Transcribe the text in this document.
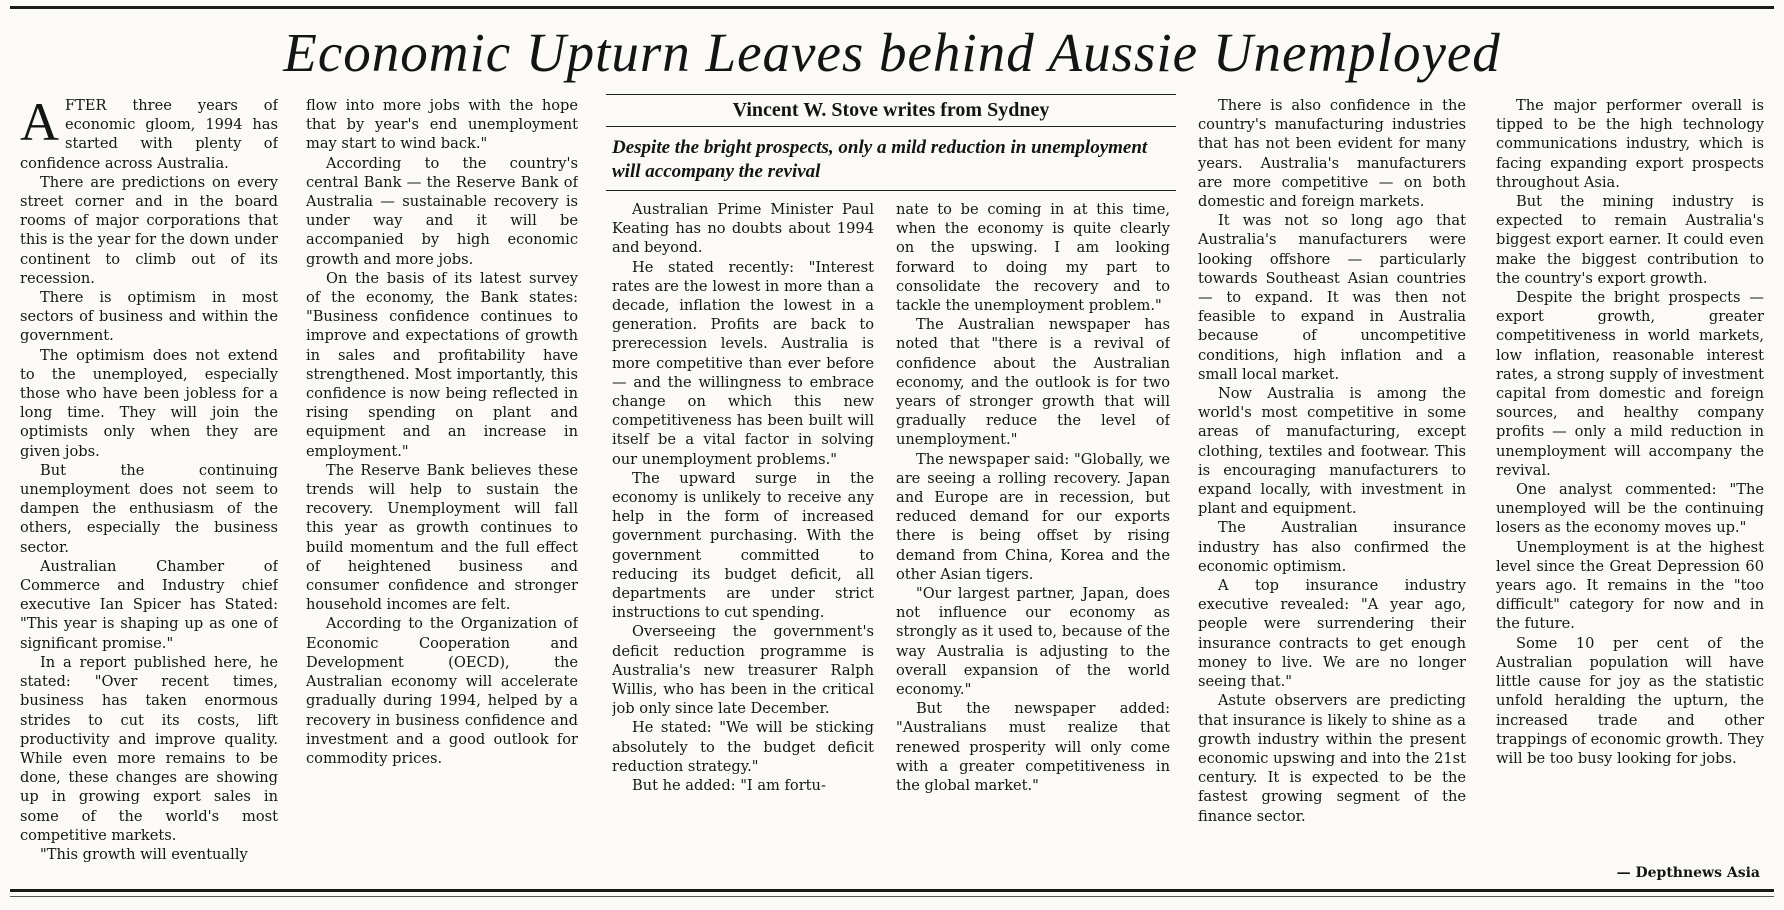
Economic Upturn Leaves behind Aussie Unemployed

AFTER three years of economic gloom, 1994 has started with plenty of confidence across Australia.

There are predictions on every street corner and in the board rooms of major corporations that this is the year for the down under continent to climb out of its recession.

There is optimism in most sectors of business and within the government.

The optimism does not extend to the unemployed, especially those who have been jobless for a long time. They will join the optimists only when they are given jobs.

But the continuing unemployment does not seem to dampen the enthusiasm of the others, especially the business sector.

Australian Chamber of Commerce and Industry chief executive Ian Spicer has Stated: "This year is shaping up as one of significant promise."

In a report published here, he stated: "Over recent times, business has taken enormous strides to cut its costs, lift productivity and improve quality. While even more remains to be done, these changes are showing up in growing export sales in some of the world's most competitive markets.

"This growth will eventually

flow into more jobs with the hope that by year's end unemployment may start to wind back."

According to the country's central Bank — the Reserve Bank of Australia — sustainable recovery is under way and it will be accompanied by high economic growth and more jobs.

On the basis of its latest survey of the economy, the Bank states: "Business confidence continues to improve and expectations of growth in sales and profitability have strengthened. Most importantly, this confidence is now being reflected in rising spending on plant and equipment and an increase in employment."

The Reserve Bank believes these trends will help to sustain the recovery. Unemployment will fall this year as growth continues to build momentum and the full effect of heightened business and consumer confidence and stronger household incomes are felt.

According to the Organization of Economic Cooperation and Development (OECD), the Australian economy will accelerate gradually during 1994, helped by a recovery in business confidence and investment and a good outlook for commodity prices.

Vincent W. Stove writes from Sydney
Despite the bright prospects, only a mild reduction in unemployment will accompany the revival

Australian Prime Minister Paul Keating has no doubts about 1994 and beyond.

He stated recently: "Interest rates are the lowest in more than a decade, inflation the lowest in a generation. Profits are back to prerecession levels. Australia is more competitive than ever before — and the willingness to embrace change on which this new competitiveness has been built will itself be a vital factor in solving our unemployment problems."

The upward surge in the economy is unlikely to receive any help in the form of increased government purchasing. With the government committed to reducing its budget deficit, all departments are under strict instructions to cut spending.

Overseeing the government's deficit reduction programme is Australia's new treasurer Ralph Willis, who has been in the critical job only since late December.

He stated: "We will be sticking absolutely to the budget deficit reduction strategy."

But he added: "I am fortu-

nate to be coming in at this time, when the economy is quite clearly on the upswing. I am looking forward to doing my part to consolidate the recovery and to tackle the unemployment problem."

The Australian newspaper has noted that "there is a revival of confidence about the Australian economy, and the outlook is for two years of stronger growth that will gradually reduce the level of unemployment."

The newspaper said: "Globally, we are seeing a rolling recovery. Japan and Europe are in recession, but reduced demand for our exports there is being offset by rising demand from China, Korea and the other Asian tigers.

"Our largest partner, Japan, does not influence our economy as strongly as it used to, because of the way Australia is adjusting to the overall expansion of the world economy."

But the newspaper added: "Australians must realize that renewed prosperity will only come with a greater competitiveness in the global market."

There is also confidence in the country's manufacturing industries that has not been evident for many years. Australia's manufacturers are more competitive — on both domestic and foreign markets.

It was not so long ago that Australia's manufacturers were looking offshore — particularly towards Southeast Asian countries — to expand. It was then not feasible to expand in Australia because of uncompetitive conditions, high inflation and a small local market.

Now Australia is among the world's most competitive in some areas of manufacturing, except clothing, textiles and footwear. This is encouraging manufacturers to expand locally, with investment in plant and equipment.

The Australian insurance industry has also confirmed the economic optimism.

A top insurance industry executive revealed: "A year ago, people were surrendering their insurance contracts to get enough money to live. We are no longer seeing that."

Astute observers are predicting that insurance is likely to shine as a growth industry within the present economic upswing and into the 21st century. It is expected to be the fastest growing segment of the finance sector.

The major performer overall is tipped to be the high technology communications industry, which is facing expanding export prospects throughout Asia.

But the mining industry is expected to remain Australia's biggest export earner. It could even make the biggest contribution to the country's export growth.

Despite the bright prospects — export growth, greater competitiveness in world markets, low inflation, reasonable interest rates, a strong supply of investment capital from domestic and foreign sources, and healthy company profits — only a mild reduction in unemployment will accompany the revival.

One analyst commented: "The unemployed will be the continuing losers as the economy moves up."

Unemployment is at the highest level since the Great Depression 60 years ago. It remains in the "too difficult" category for now and in the future.

Some 10 per cent of the Australian population will have little cause for joy as the statistic unfold heralding the upturn, the increased trade and other trappings of economic growth. They will be too busy looking for jobs.

— Depthnews Asia
